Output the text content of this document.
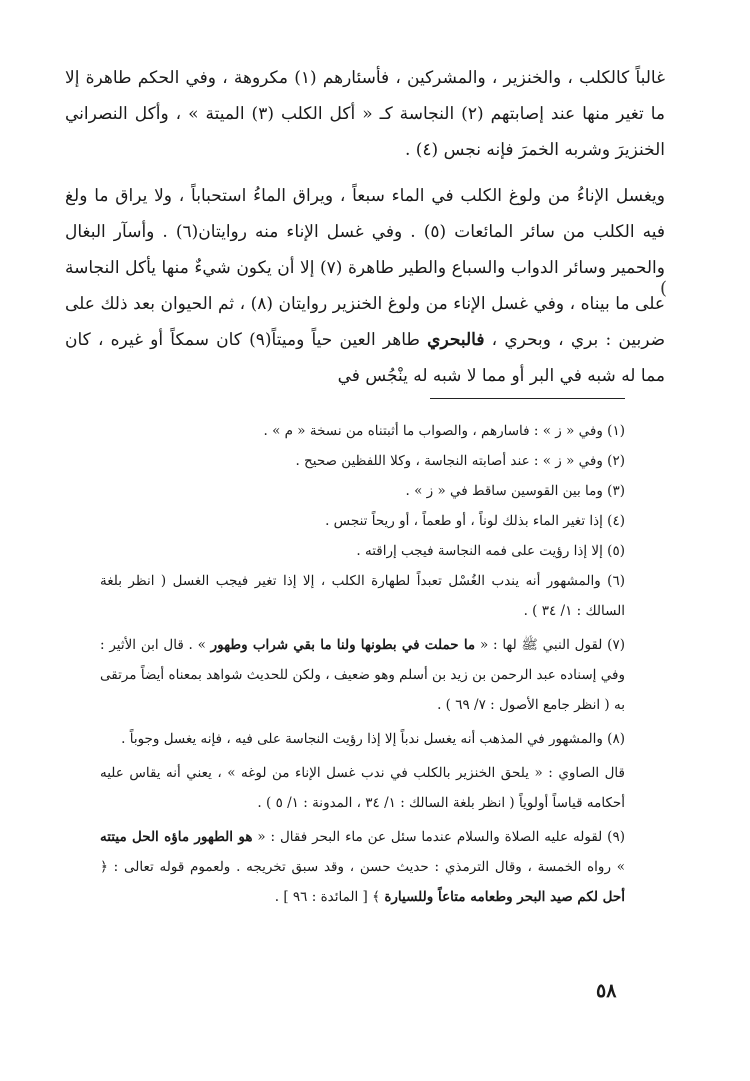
غالباً كالكلب ، والخنزير ، والمشركين ، فأسئارهم (١) مكروهة ، وفي الحكم طاهرة إلا ما تغير منها عند إصابتهم (٢) النجاسة كـ « أكل الكلب (٣) الميتة » ، وأكل النصراني الخنزيرَ وشربه الخمرَ فإنه نجس (٤) .

ويغسل الإناءُ من ولوغ الكلب في الماء سبعاً ، ويراق الماءُ استحباباً ، ولا يراق ما ولغ فيه الكلب من سائر المائعات (٥) . وفي غسل الإناء منه روايتان(٦) . وأسآر البغال والحمير وسائر الدواب والسباع والطير طاهرة (٧) إلا أن يكون شيءٌ منها يأكل النجاسة على ما بيناه ، وفي غسل الإناء من ولوغ الخنزير روايتان (٨) ، ثم الحيوان بعد ذلك على ضربين : بري ، وبحري ، فالبحري طاهر العين حياً وميتاً(٩) كان سمكاً أو غيره ، كان مما له شبه في البر أو مما لا شبه له ينْجُس في

(

(١) وفي « ز » : فاسارهم ، والصواب ما أثبتناه من نسخة « م » .

(٢) وفي « ز » : عند أصابته النجاسة ، وكلا اللفظين صحيح .

(٣) وما بين القوسين ساقط في « ز » .

(٤) إذا تغير الماء بذلك لوناً ، أو طعماً ، أو ريحاً تنجس .

(٥) إلا إذا رؤيت على فمه النجاسة فيجب إراقته .

(٦) والمشهور أنه يندب الغُسْل تعبداً لطهارة الكلب ، إلا إذا تغير فيجب الغسل ( انظر بلغة السالك : ١/ ٣٤ ) .

(٧) لقول النبي ﷺ لها : « ما حملت في بطونها ولنا ما بقي شراب وطهور » . قال ابن الأثير : وفي إسناده عبد الرحمن بن زيد بن أسلم وهو ضعيف ، ولكن للحديث شواهد بمعناه أيضاً مرتقى به ( انظر جامع الأصول : ٧/ ٦٩ ) .

(٨) والمشهور في المذهب أنه يغسل ندباً إلا إذا رؤيت النجاسة على فيه ، فإنه يغسل وجوباً .

قال الصاوي : « يلحق الخنزير بالكلب في ندب غسل الإناء من لوغه » ، يعني أنه يقاس عليه أحكامه قياساً أولوياً ( انظر بلغة السالك : ١/ ٣٤ ، المدونة : ١/ ٥ ) .

(٩) لقوله عليه الصلاة والسلام عندما سئل عن ماء البحر فقال : « هو الطهور ماؤه الحل ميتته » رواه الخمسة ، وقال الترمذي : حديث حسن ، وقد سبق تخريجه . ولعموم قوله تعالى : ﴿ أحل لكم صيد البحر وطعامه متاعاً وللسيارة ﴾ [ المائدة : ٩٦ ] .

٥٨
